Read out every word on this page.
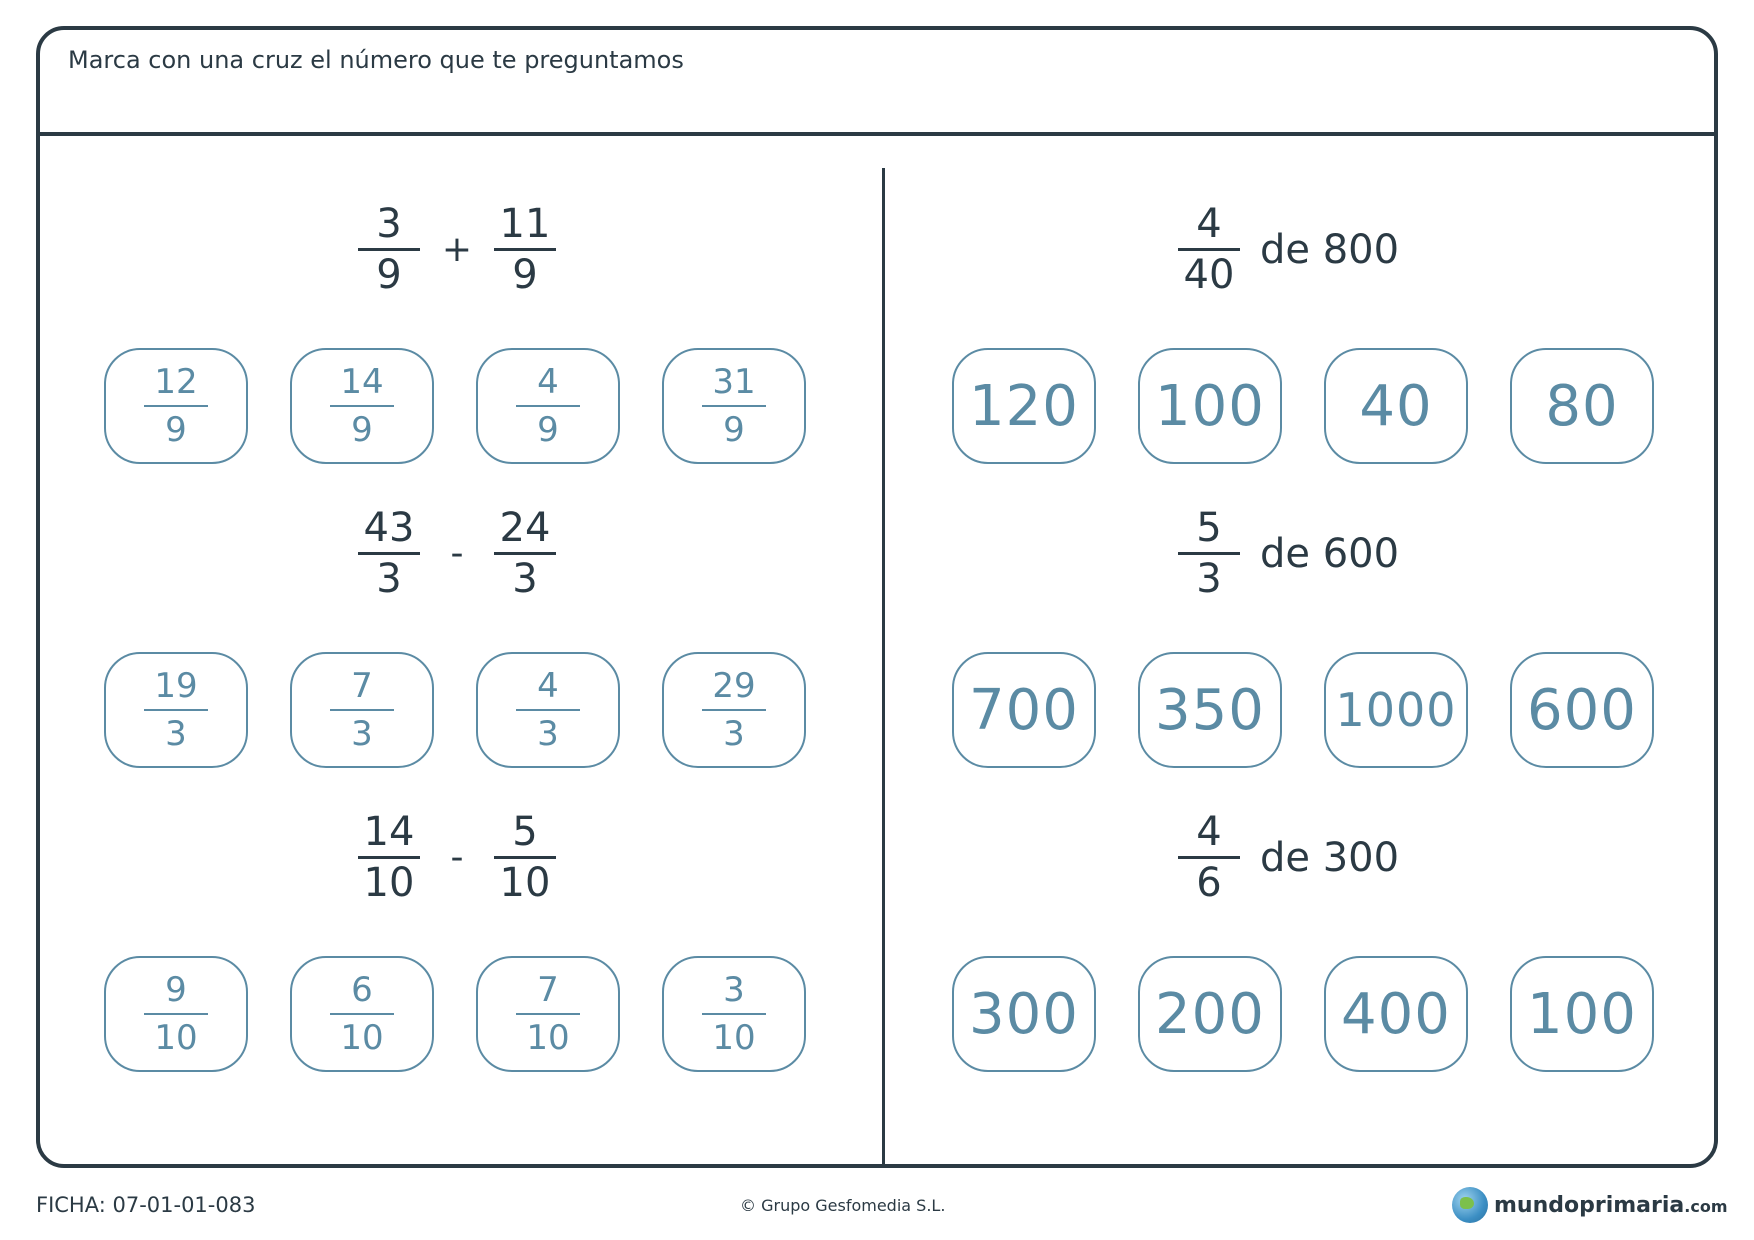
Marca con una cruz el número que te preguntamos
$\frac{3}{9} + \frac{11}{9}$
$\frac{12}{9}$	$\frac{14}{9}$	$\frac{4}{9}$	$\frac{31}{9}$
$\frac{43}{3} - \frac{24}{3}$
$\frac{19}{3}$	$\frac{7}{3}$	$\frac{4}{3}$	$\frac{29}{3}$
$\frac{14}{10} - \frac{5}{10}$
$\frac{9}{10}$	$\frac{6}{10}$	$\frac{7}{10}$	$\frac{3}{10}$
$\frac{4}{40}$ de 800
120 100 40 80
$\frac{5}{3}$ de 600
700 350 1000 600
$\frac{4}{6}$ de 300
300 200 400 100
FICHA: 07-01-01-083	© Grupo Gesfomedia S.L.	mundoprimaria.com
